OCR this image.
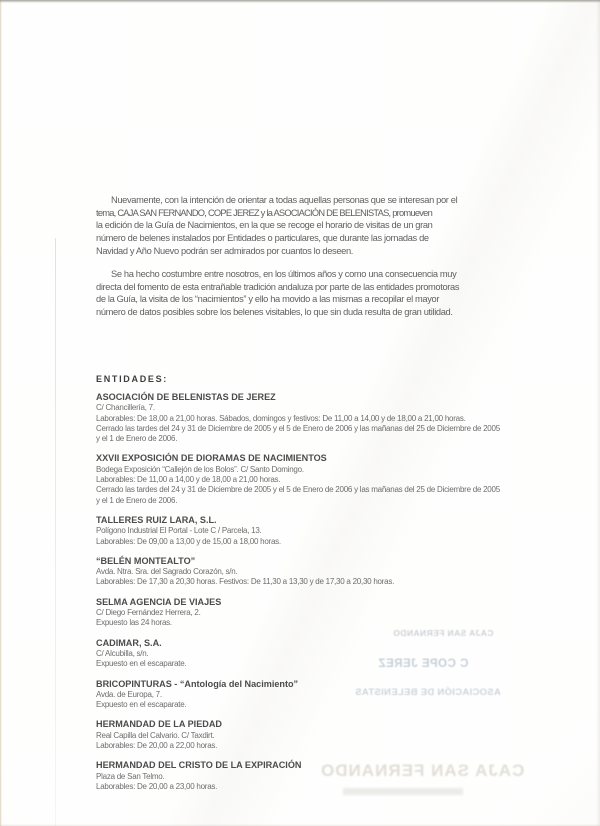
CAJA SAN FERNANDO
C COPE JEREZ
ASOCIACIÓN DE BELENISTAS
CAJA SAN FERNANDO
Nuevamente, con la intención de orientar a todas aquellas personas que se interesan por el
tema, CAJA SAN FERNANDO, COPE JEREZ y la ASOCIACIÓN DE BELENISTAS, promueven
la edición de la Guía de Nacimientos, en la que se recoge el horario de visitas de un gran
número de belenes instalados por Entidades o particulares, que durante las jornadas de
Navidad y Año Nuevo podrán ser admirados por cuantos lo deseen.
Se ha hecho costumbre entre nosotros, en los últimos años y como una consecuencia muy
directa del fomento de esta entrañable tradición andaluza por parte de las entidades promotoras
de la Guía, la visita de los “nacimientos” y ello ha movido a las mismas a recopilar el mayor
número de datos posibles sobre los belenes visitables, lo que sin duda resulta de gran utilidad.
ENTIDADES:
ASOCIACIÓN DE BELENISTAS DE JEREZ
C/ Chancillería, 7.
Laborables: De 18,00 a 21,00 horas. Sábados, domingos y festivos: De 11,00 a 14,00 y de 18,00 a 21,00 horas.
Cerrado las tardes del 24 y 31 de Diciembre de 2005 y el 5 de Enero de 2006 y las mañanas del 25 de Diciembre de 2005
y el 1 de Enero de 2006.
XXVII EXPOSICIÓN DE DIORAMAS DE NACIMIENTOS
Bodega Exposición “Callejón de los Bolos”. C/ Santo Domingo.
Laborables: De 11,00 a 14,00 y de 18,00 a 21,00 horas.
Cerrado las tardes del 24 y 31 de Diciembre de 2005 y el 5 de Enero de 2006 y las mañanas del 25 de Diciembre de 2005
y el 1 de Enero de 2006.
TALLERES RUIZ LARA, S.L.
Polígono Industrial El Portal - Lote C / Parcela, 13.
Laborables: De 09,00 a 13,00 y de 15,00 a 18,00 horas.
“BELÉN MONTEALTO”
Avda. Ntra. Sra. del Sagrado Corazón, s/n.
Laborables: De 17,30 a 20,30 horas. Festivos: De 11,30 a 13,30 y de 17,30 a 20,30 horas.
SELMA AGENCIA DE VIAJES
C/ Diego Fernández Herrera, 2.
Expuesto las 24 horas.
CADIMAR, S.A.
C/ Alcubilla, s/n.
Expuesto en el escaparate.
BRICOPINTURAS - “Antología del Nacimiento”
Avda. de Europa, 7.
Expuesto en el escaparate.
HERMANDAD DE LA PIEDAD
Real Capilla del Calvario. C/ Taxdirt.
Laborables: De 20,00 a 22,00 horas.
HERMANDAD DEL CRISTO DE LA EXPIRACIÓN
Plaza de San Telmo.
Laborables: De 20,00 a 23,00 horas.
